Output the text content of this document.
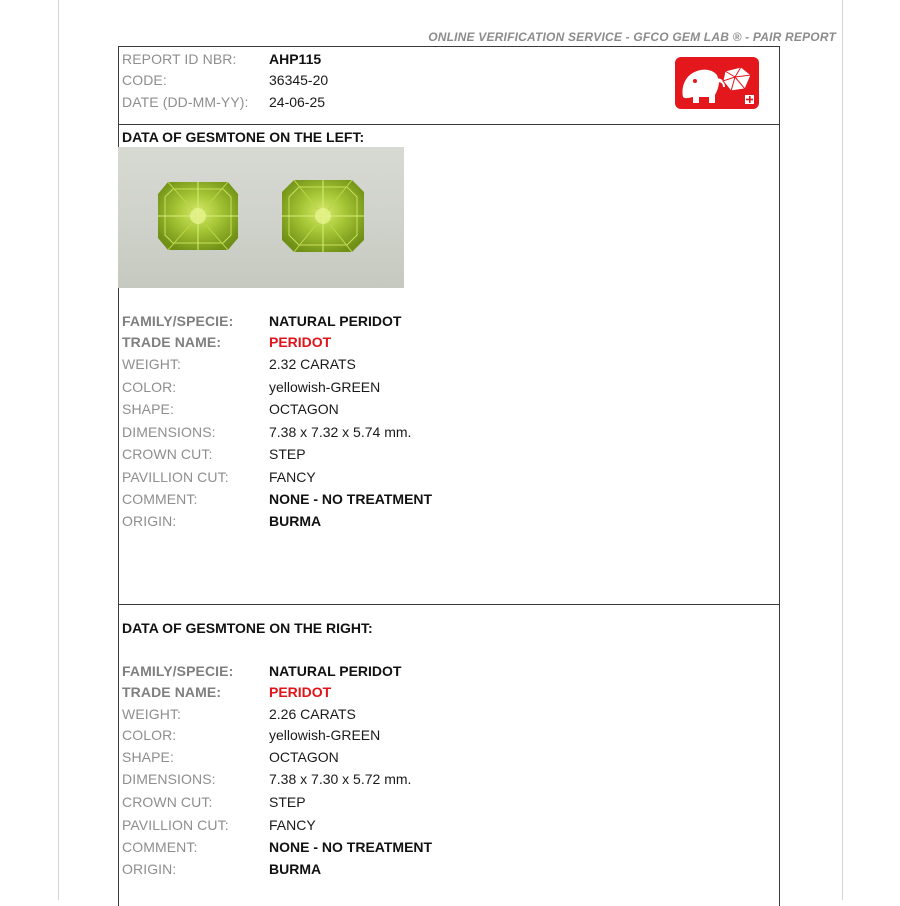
ONLINE VERIFICATION SERVICE - GFCO GEM LAB ® - PAIR REPORT
REPORT ID NBR: AHP115
CODE:	36345-20
DATE (DD-MM-YY): 24-06-25
DATA OF GESMTONE ON THE LEFT:
FAMILY/SPECIE:	NATURAL PERIDOT
TRADE NAME:	PERIDOT
WEIGHT:	2.32 CARATS
COLOR:	yellowish-GREEN
SHAPE:	OCTAGON
DIMENSIONS:	7.38 x 7.32 x 5.74 mm.
CROWN CUT:	STEP
PAVILLION CUT:	FANCY
COMMENT:	NONE - NO TREATMENT
ORIGIN:	BURMA
DATA OF GESMTONE ON THE RIGHT:
FAMILY/SPECIE:	NATURAL PERIDOT
TRADE NAME:	PERIDOT
WEIGHT:	2.26 CARATS
COLOR:	yellowish-GREEN
SHAPE:	OCTAGON
DIMENSIONS:	7.38 x 7.30 x 5.72 mm.
CROWN CUT:	STEP
PAVILLION CUT:	FANCY
COMMENT:	NONE - NO TREATMENT
ORIGIN:	BURMA
